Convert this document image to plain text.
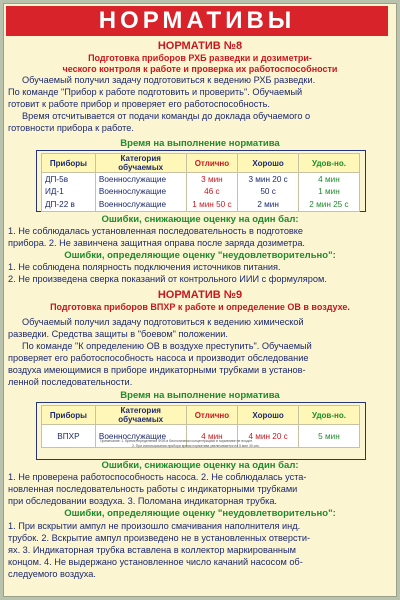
НОРМАТИВЫ
НОРМАТИВ №8
Подготовка приборов РХБ разведки и дозиметри-
ческого контроля к работе и проверка их работоспособности
Обучаемый получил задачу подготовиться к ведению РХБ разведки.
По команде "Прибор к работе подготовить и проверить". Обучаемый
готовит к работе прибор и проверяет его работоспособность.
Время отсчитывается от подачи команды до доклада обучаемого о
готовности прибора к работе.
Время на выполнение норматива
Приборы	Категория обучаемых	Отлично	Хорошо	Удов-но.
ДП-5в	Военнослужащие	3 мин	3 мин 20 с	4 мин
ИД-1	Военнослужащие	46 с	50 с	1 мин
ДП-22 в	Военнослужащие	1 мин 50 с	2 мин	2 мин 25 с
Ошибки, снижающие оценку на один бал:
1. Не соблюдалась установленная последовательность в подготовке
прибора. 2. Не завинчена защитная оправа после заряда дозиметра.
Ошибки, определяющие оценку "неудовлетворительно":
1. Не соблюдена полярность подключения источников питания.
2. Не произведена сверка показаний от контрольного ИИИ с формуляром.
НОРМАТИВ №9
Подготовка приборов ВПХР к работе и определение ОВ в воздухе.
Обучаемый получил задачу подготовиться к ведению химической
разведки. Средства защиты в "боевом" положении.
По команде "К определению ОВ в воздухе преступить". Обучаемый
проверяет его работоспособность насоса и производит обследование
воздуха имеющимися в приборе индикаторными трубками в установ-
ленной последовательности.
Время на выполнение норматива
Приборы	Категория обучаемых	Отлично	Хорошо	Удов-но.
ВПХР	Военнослужащие	4 мин	4 мин 20 с	5 мин
Примечание: 1. Время определения ФОВ в биологически концентрациях в нормативе не входит.
2. При использовании прибора время норматива увеличивается на 5 мин 30 сек.
Ошибки, снижающие оценку на один бал:
1. Не проверена работоспособность насоса. 2. Не соблюдалась уста-
новленная последовательность работы с индикаторными трубками
при обследовании воздуха. 3. Поломана индикаторная трубка.
Ошибки, определяющие оценку "неудовлетворительно":
1. При вскрытии ампул не произошло смачивания наполнителя инд.
трубок. 2. Вскрытие ампул произведено не в установленных отверсти-
ях. 3. Индикаторная трубка вставлена в коллектор маркированным
концом. 4. Не выдержано установленное число качаний насосом об-
следуемого воздуха.
